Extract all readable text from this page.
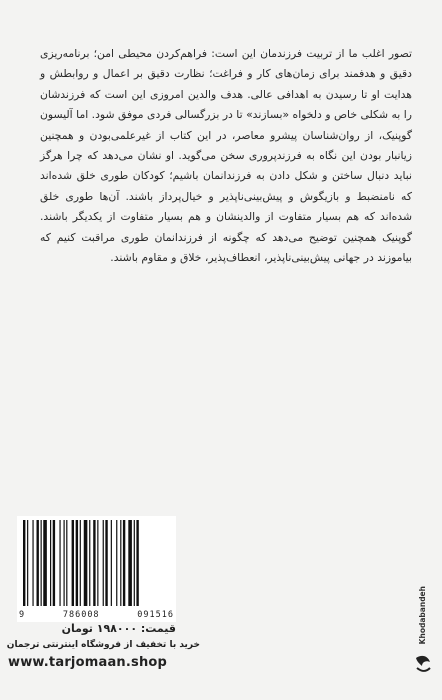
تصور اغلب ما از تربیت فرزندمان این است: فراهم‌کردن محیطی امن؛ برنامه‌ریزی دقیق و هدفمند برای زمان‌های کار و فراغت؛ نظارت دقیق بر اعمال و روابطش و هدایت او تا رسیدن به اهدافی عالی. هدف والدین امروزی این است که فرزندشان را به شکلی خاص و دلخواه «بسازند» تا در بزرگسالی فردی موفق شود. اما آلیسون گوپنیک، از روان‌شناسان پیشرو معاصر، در این کتاب از غیرعلمی‌بودن و همچنین زیانبار بودن این نگاه به فرزندپروری سخن می‌گوید. او نشان می‌دهد که چرا هرگز نباید دنبال ساختن و شکل دادن به فرزندانمان باشیم؛ کودکان طوری خلق شده‌اند که نامنضبط و بازیگوش و پیش‌بینی‌ناپذیر و خیال‌پرداز باشند. آن‌ها طوری خلق شده‌اند که هم بسیار متفاوت از والدینشان و هم بسیار متفاوت از یکدیگر باشند. گوپنیک همچنین توضیح می‌دهد که چگونه از فرزندانمان طوری مراقبت کنیم که بیاموزند در جهانی پیش‌بینی‌ناپذیر، انعطاف‌پذیر، خلاق و مقاوم باشند.

9	786008	091516	Khodabandeh
قیمت: ۱۹۸۰۰۰ تومان
خرید با تخفیف از فروشگاه اینترنتی ترجمان
www.tarjomaan.shop
